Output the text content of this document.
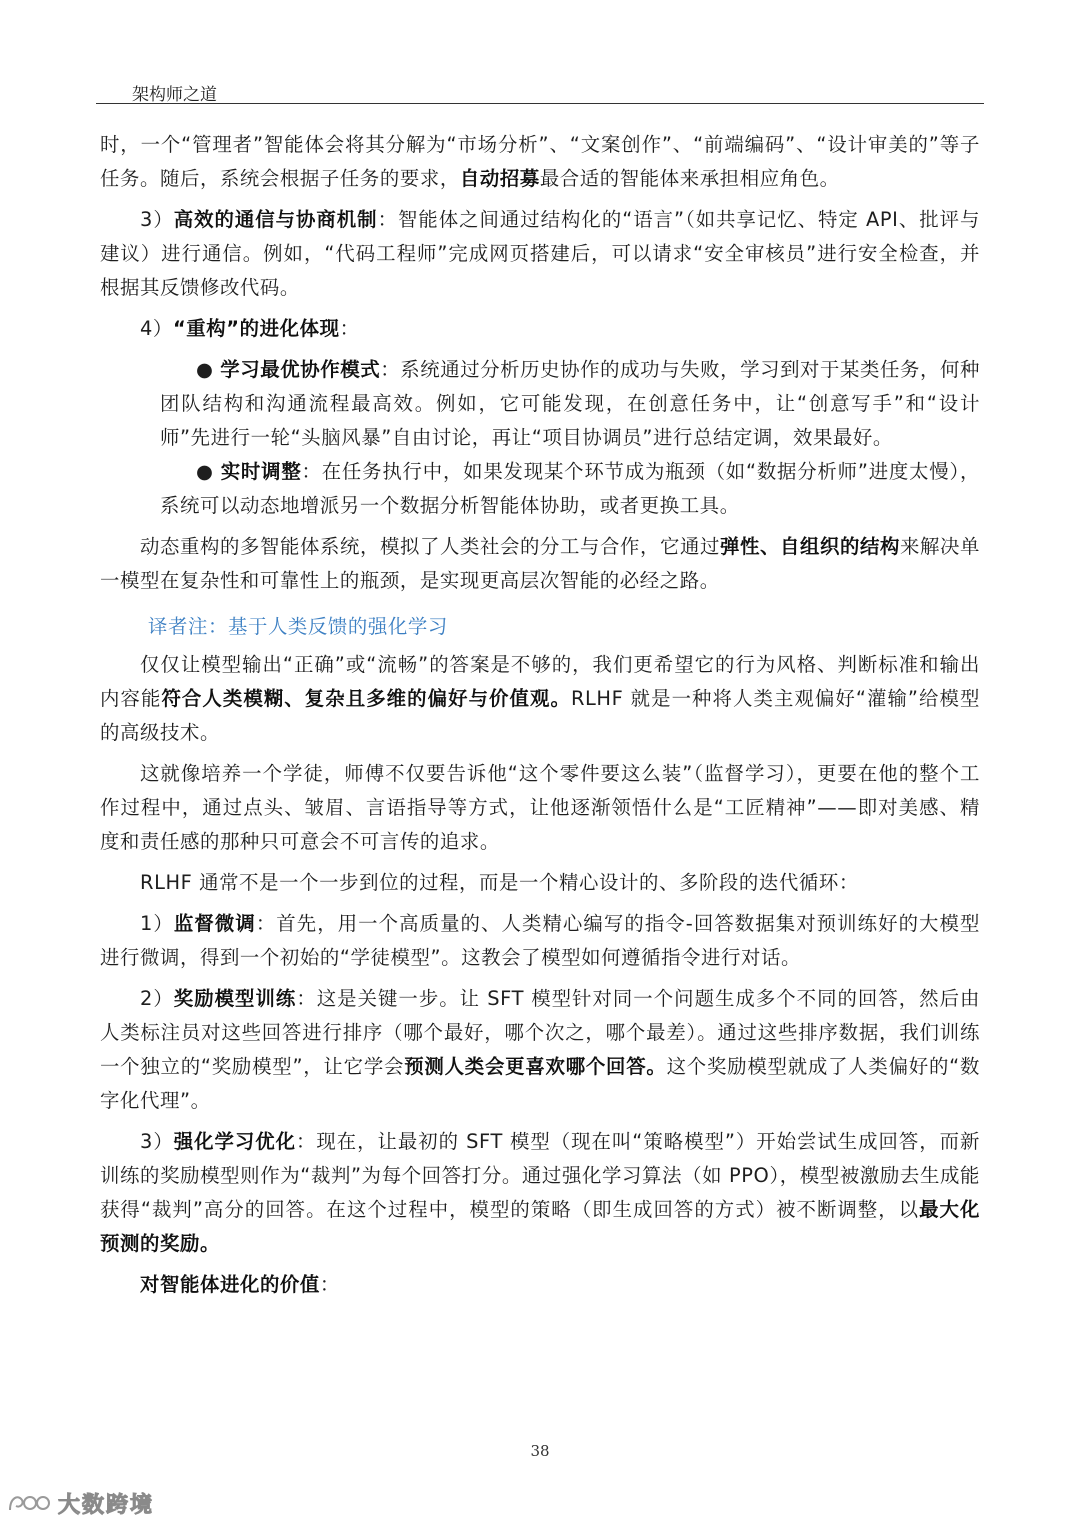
架构师之道

时，一个“管理者”智能体会将其分解为“市场分析”、“文案创作”、“前端编码”、“设计审美的”等子任务。随后，系统会根据子任务的要求，自动招募最合适的智能体来承担相应角色。

3）高效的通信与协商机制：智能体之间通过结构化的“语言”（如共享记忆、特定 API、批评与建议）进行通信。例如，“代码工程师”完成网页搭建后，可以请求“安全审核员”进行安全检查，并根据其反馈修改代码。

4）“重构”的进化体现：

● 学习最优协作模式：系统通过分析历史协作的成功与失败，学习到对于某类任务，何种团队结构和沟通流程最高效。例如，它可能发现，在创意任务中，让“创意写手”和“设计师”先进行一轮“头脑风暴”自由讨论，再让“项目协调员”进行总结定调，效果最好。

● 实时调整：在任务执行中，如果发现某个环节成为瓶颈（如“数据分析师”进度太慢），系统可以动态地增派另一个数据分析智能体协助，或者更换工具。

动态重构的多智能体系统，模拟了人类社会的分工与合作，它通过弹性、自组织的结构来解决单一模型在复杂性和可靠性上的瓶颈，是实现更高层次智能的必经之路。

译者注：基于人类反馈的强化学习

仅仅让模型输出“正确”或“流畅”的答案是不够的，我们更希望它的行为风格、判断标准和输出内容能符合人类模糊、复杂且多维的偏好与价值观。RLHF 就是一种将人类主观偏好“灌输”给模型的高级技术。

这就像培养一个学徒，师傅不仅要告诉他“这个零件要这么装”（监督学习），更要在他的整个工作过程中，通过点头、皱眉、言语指导等方式，让他逐渐领悟什么是“工匠精神”——即对美感、精度和责任感的那种只可意会不可言传的追求。

RLHF 通常不是一个一步到位的过程，而是一个精心设计的、多阶段的迭代循环：

1）监督微调：首先，用一个高质量的、人类精心编写的指令-回答数据集对预训练好的大模型进行微调，得到一个初始的“学徒模型”。这教会了模型如何遵循指令进行对话。

2）奖励模型训练：这是关键一步。让 SFT 模型针对同一个问题生成多个不同的回答，然后由人类标注员对这些回答进行排序（哪个最好，哪个次之，哪个最差）。通过这些排序数据，我们训练一个独立的“奖励模型”，让它学会预测人类会更喜欢哪个回答。这个奖励模型就成了人类偏好的“数字化代理”。

3）强化学习优化：现在，让最初的 SFT 模型（现在叫“策略模型”）开始尝试生成回答，而新训练的奖励模型则作为“裁判”为每个回答打分。通过强化学习算法（如 PPO），模型被激励去生成能获得“裁判”高分的回答。在这个过程中，模型的策略（即生成回答的方式）被不断调整，以最大化预测的奖励。

对智能体进化的价值：

38
大数跨境
